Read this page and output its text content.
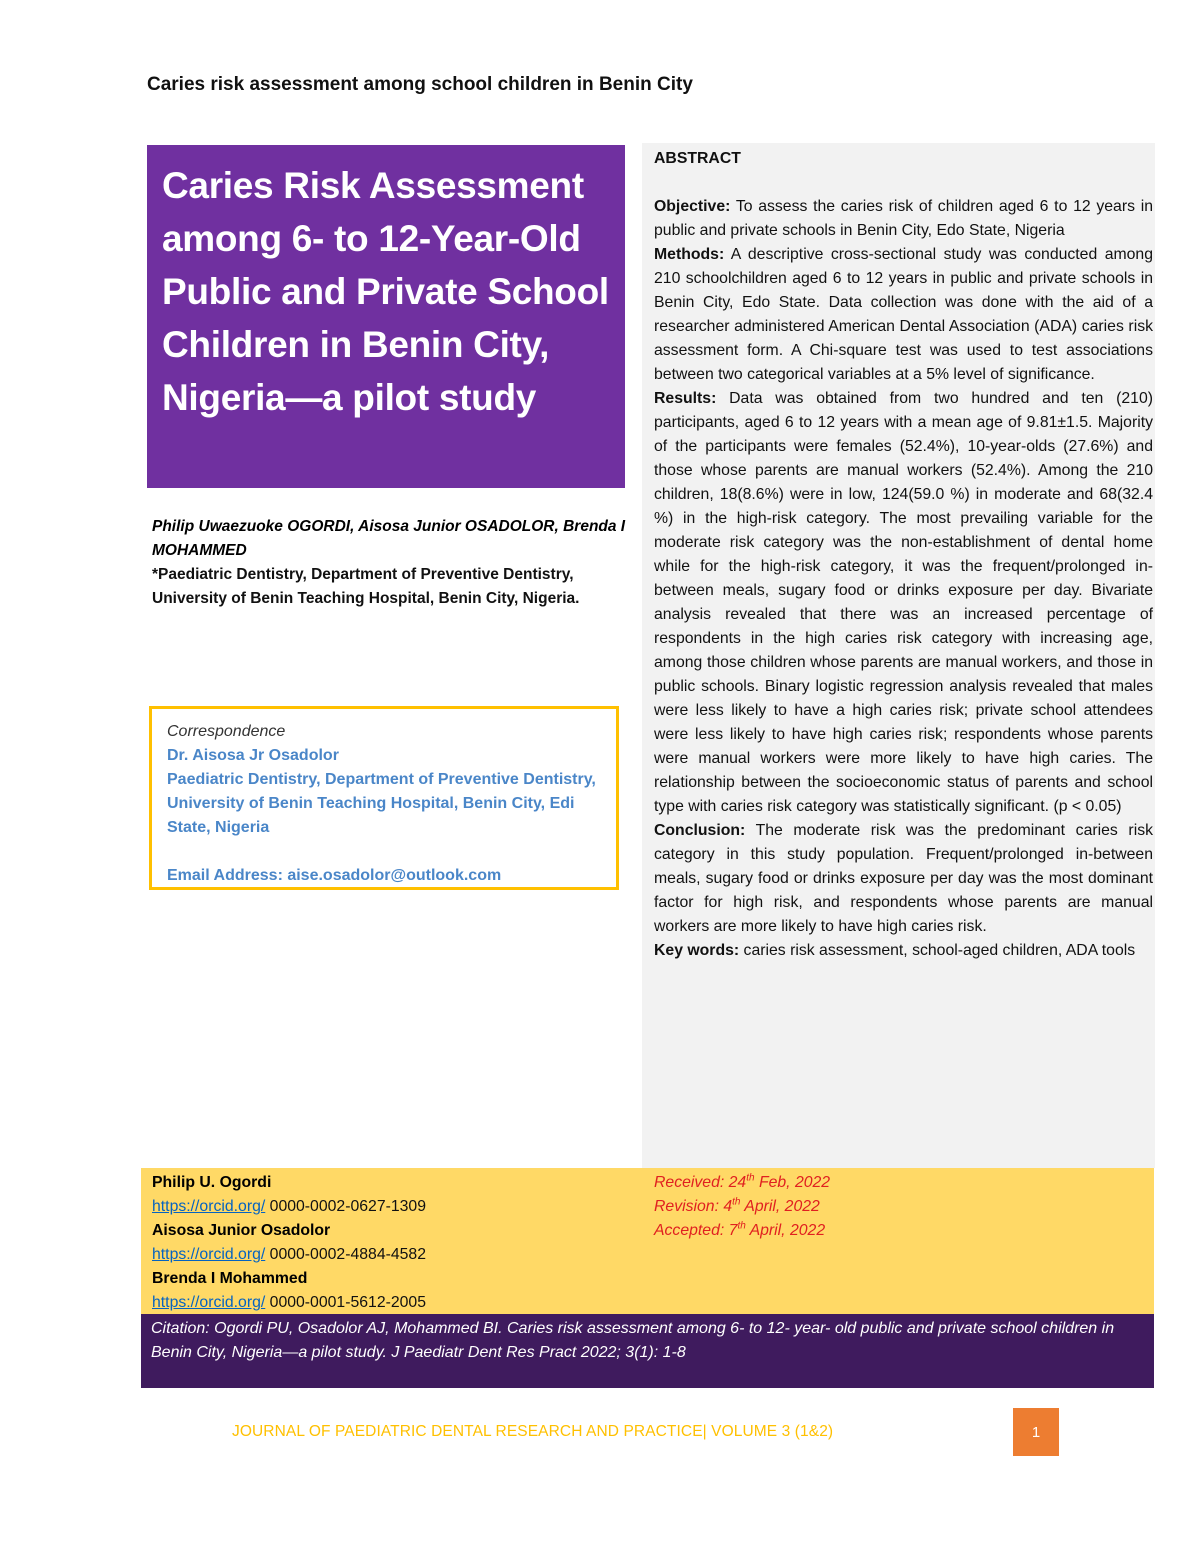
Caries risk assessment among school children in Benin City
Caries Risk Assessment among 6- to 12-Year-Old Public and Private School Children in Benin City, Nigeria—a pilot study
Philip Uwaezuoke OGORDI, Aisosa Junior OSADOLOR, Brenda I MOHAMMED
*Paediatric Dentistry, Department of Preventive Dentistry, University of Benin Teaching Hospital, Benin City, Nigeria.
Correspondence
Dr. Aisosa Jr Osadolor
Paediatric Dentistry, Department of Preventive Dentistry, University of Benin Teaching Hospital, Benin City, Edi State, Nigeria
Email Address: aise.osadolor@outlook.com
ABSTRACT

Objective: To assess the caries risk of children aged 6 to 12 years in public and private schools in Benin City, Edo State, Nigeria

Methods: A descriptive cross-sectional study was conducted among 210 schoolchildren aged 6 to 12 years in public and private schools in Benin City, Edo State. Data collection was done with the aid of a researcher administered American Dental Association (ADA) caries risk assessment form. A Chi-square test was used to test associations between two categorical variables at a 5% level of significance.

Results: Data was obtained from two hundred and ten (210) participants, aged 6 to 12 years with a mean age of 9.81±1.5. Majority of the participants were females (52.4%), 10-year-olds (27.6%) and those whose parents are manual workers (52.4%). Among the 210 children, 18(8.6%) were in low, 124(59.0 %) in moderate and 68(32.4 %) in the high-risk category. The most prevailing variable for the moderate risk category was the non-establishment of dental home while for the high-risk category, it was the frequent/prolonged in-between meals, sugary food or drinks exposure per day. Bivariate analysis revealed that there was an increased percentage of respondents in the high caries risk category with increasing age, among those children whose parents are manual workers, and those in public schools. Binary logistic regression analysis revealed that males were less likely to have a high caries risk; private school attendees were less likely to have high caries risk; respondents whose parents were manual workers were more likely to have high caries. The relationship between the socioeconomic status of parents and school type with caries risk category was statistically significant. (p < 0.05)

Conclusion: The moderate risk was the predominant caries risk category in this study population. Frequent/prolonged in-between meals, sugary food or drinks exposure per day was the most dominant factor for high risk, and respondents whose parents are manual workers are more likely to have high caries risk.

Key words: caries risk assessment, school-aged children, ADA tools

Philip U. Ogordi
https://orcid.org/ 0000-0002-0627-1309
Aisosa Junior Osadolor
https://orcid.org/ 0000-0002-4884-4582
Brenda I Mohammed
https://orcid.org/ 0000-0001-5612-2005
Received: 24th Feb, 2022
Revision: 4th April, 2022
Accepted: 7th April, 2022
Citation: Ogordi PU, Osadolor AJ, Mohammed BI. Caries risk assessment among 6- to 12- year- old public and private school children in Benin City, Nigeria—a pilot study. J Paediatr Dent Res Pract 2022; 3(1): 1-8
JOURNAL OF PAEDIATRIC DENTAL RESEARCH AND PRACTICE| VOLUME 3 (1&2)	1
